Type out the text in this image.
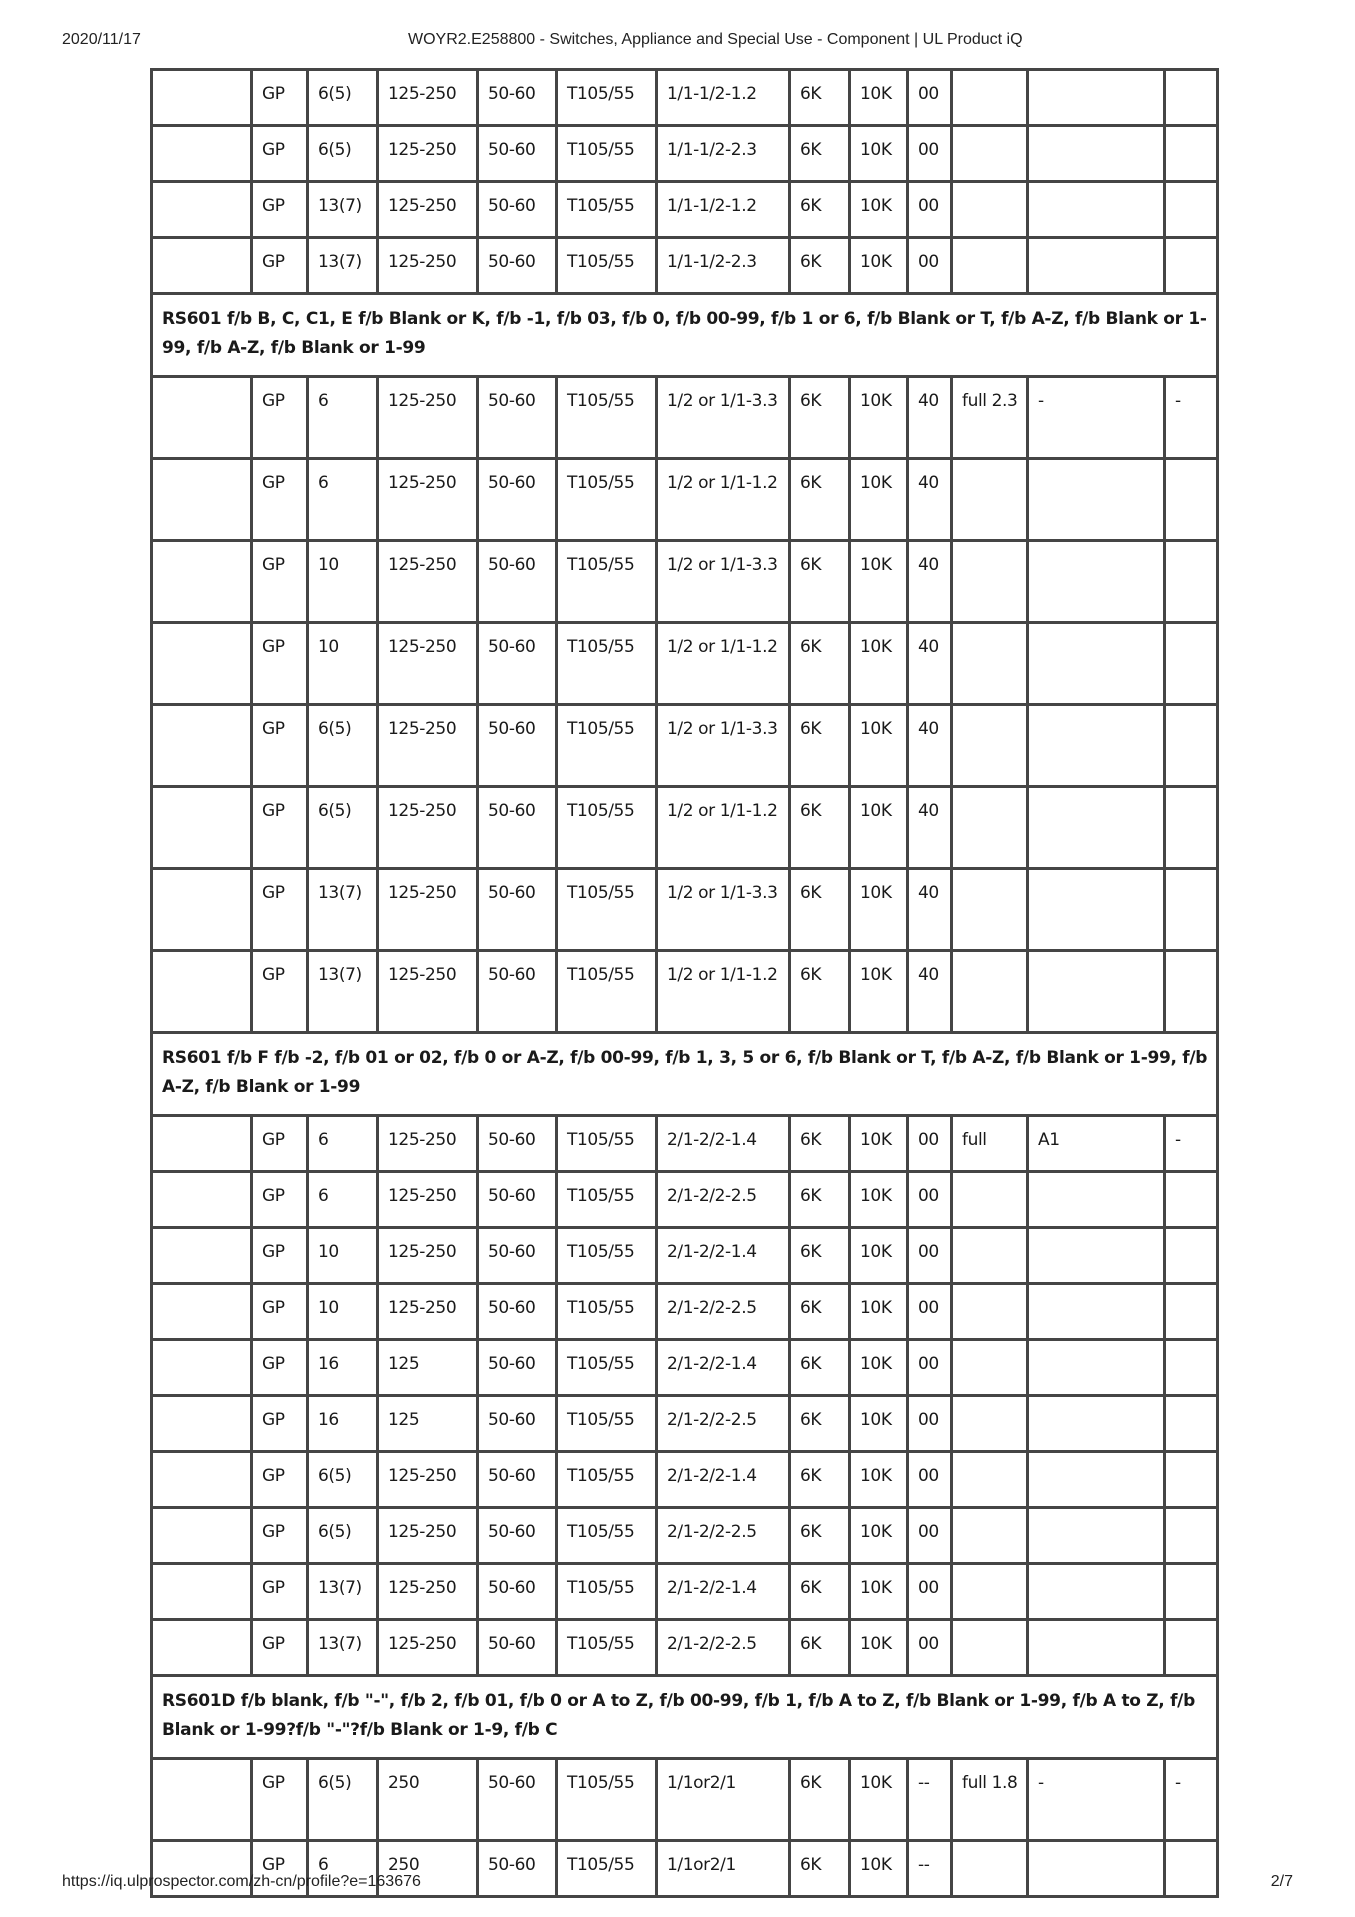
2020/11/17	WOYR2.E258800 - Switches, Appliance and Special Use - Component | UL Product iQ
	GP	6(5)	125-250	50-60	T105/55	1/1-1/2-1.2	6K	10K	00			
	GP	6(5)	125-250	50-60	T105/55	1/1-1/2-2.3	6K	10K	00			
	GP	13(7)	125-250	50-60	T105/55	1/1-1/2-1.2	6K	10K	00			
	GP	13(7)	125-250	50-60	T105/55	1/1-1/2-2.3	6K	10K	00			
RS601 f/b B, C, C1, E f/b Blank or K, f/b -1, f/b 03, f/b 0, f/b 00-99, f/b 1 or 6, f/b Blank or T, f/b A-Z, f/b Blank or 1-99, f/b A-Z, f/b Blank or 1-99												
	GP	6	125-250	50-60	T105/55	1/2 or 1/1-3.3	6K	10K	40	full 2.3	-	-
	GP	6	125-250	50-60	T105/55	1/2 or 1/1-1.2	6K	10K	40			
	GP	10	125-250	50-60	T105/55	1/2 or 1/1-3.3	6K	10K	40			
	GP	10	125-250	50-60	T105/55	1/2 or 1/1-1.2	6K	10K	40			
	GP	6(5)	125-250	50-60	T105/55	1/2 or 1/1-3.3	6K	10K	40			
	GP	6(5)	125-250	50-60	T105/55	1/2 or 1/1-1.2	6K	10K	40			
	GP	13(7)	125-250	50-60	T105/55	1/2 or 1/1-3.3	6K	10K	40			
	GP	13(7)	125-250	50-60	T105/55	1/2 or 1/1-1.2	6K	10K	40			
RS601 f/b F f/b -2, f/b 01 or 02, f/b 0 or A-Z, f/b 00-99, f/b 1, 3, 5 or 6, f/b Blank or T, f/b A-Z, f/b Blank or 1-99, f/b A-Z, f/b Blank or 1-99												
	GP	6	125-250	50-60	T105/55	2/1-2/2-1.4	6K	10K	00	full	A1	-
	GP	6	125-250	50-60	T105/55	2/1-2/2-2.5	6K	10K	00			
	GP	10	125-250	50-60	T105/55	2/1-2/2-1.4	6K	10K	00			
	GP	10	125-250	50-60	T105/55	2/1-2/2-2.5	6K	10K	00			
	GP	16	125	50-60	T105/55	2/1-2/2-1.4	6K	10K	00			
	GP	16	125	50-60	T105/55	2/1-2/2-2.5	6K	10K	00			
	GP	6(5)	125-250	50-60	T105/55	2/1-2/2-1.4	6K	10K	00			
	GP	6(5)	125-250	50-60	T105/55	2/1-2/2-2.5	6K	10K	00			
	GP	13(7)	125-250	50-60	T105/55	2/1-2/2-1.4	6K	10K	00			
	GP	13(7)	125-250	50-60	T105/55	2/1-2/2-2.5	6K	10K	00			
RS601D f/b blank, f/b "-", f/b 2, f/b 01, f/b 0 or A to Z, f/b 00-99, f/b 1, f/b A to Z, f/b Blank or 1-99, f/b A to Z, f/b Blank or 1-99?f/b "-"?f/b Blank or 1-9, f/b C												
	GP	6(5)	250	50-60	T105/55	1/1or2/1	6K	10K	--	full 1.8	-	-
	GP	6	250	50-60	T105/55	1/1or2/1	6K	10K	--			
https://iq.ulprospector.com/zh-cn/profile?e=163676	2/7
